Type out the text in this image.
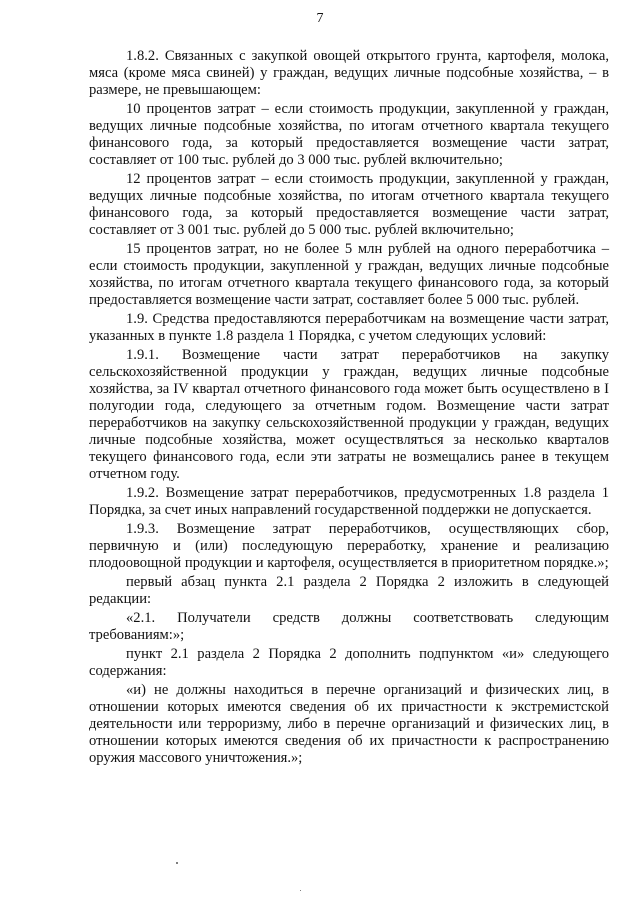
7

1.8.2. Связанных с закупкой овощей открытого грунта, картофеля, молока, мяса (кроме мяса свиней) у граждан, ведущих личные подсобные хозяйства, – в размере, не превышающем:

10 процентов затрат – если стоимость продукции, закупленной у граждан, ведущих личные подсобные хозяйства, по итогам отчетного квартала текущего финансового года, за который предоставляется возмещение части затрат, составляет от 100 тыс. рублей до 3 000 тыс. рублей включительно;

12 процентов затрат – если стоимость продукции, закупленной у граждан, ведущих личные подсобные хозяйства, по итогам отчетного квартала текущего финансового года, за который предоставляется возмещение части затрат, составляет от 3 001 тыс. рублей до 5 000 тыс. рублей включительно;

15 процентов затрат, но не более 5 млн рублей на одного переработчика – если стоимость продукции, закупленной у граждан, ведущих личные подсобные хозяйства, по итогам отчетного квартала текущего финансового года, за который предоставляется возмещение части затрат, составляет более 5 000 тыс. рублей.

1.9. Средства предоставляются переработчикам на возмещение части затрат, указанных в пункте 1.8 раздела 1 Порядка, с учетом следующих условий:

1.9.1. Возмещение части затрат переработчиков на закупку сельскохозяйственной продукции у граждан, ведущих личные подсобные хозяйства, за IV квартал отчетного финансового года может быть осуществлено в I полугодии года, следующего за отчетным годом. Возмещение части затрат переработчиков на закупку сельскохозяйственной продукции у граждан, ведущих личные подсобные хозяйства, может осуществляться за несколько кварталов текущего финансового года, если эти затраты не возмещались ранее в текущем отчетном году.

1.9.2. Возмещение затрат переработчиков, предусмотренных 1.8 раздела 1 Порядка, за счет иных направлений государственной поддержки не допускается.

1.9.3. Возмещение затрат переработчиков, осуществляющих сбор, первичную и (или) последующую переработку, хранение и реализацию плодоовощной продукции и картофеля, осуществляется в приоритетном порядке.»;

первый абзац пункта 2.1 раздела 2 Порядка 2 изложить в следующей редакции:

«2.1. Получатели средств должны соответствовать следующим требованиям:»;

пункт 2.1 раздела 2 Порядка 2 дополнить подпунктом «и» следующего содержания:

«и) не должны находиться в перечне организаций и физических лиц, в отношении которых имеются сведения об их причастности к экстремистской деятельности или терроризму, либо в перечне организаций и физических лиц, в отношении которых имеются сведения об их причастности к распространению оружия массового уничтожения.»;
